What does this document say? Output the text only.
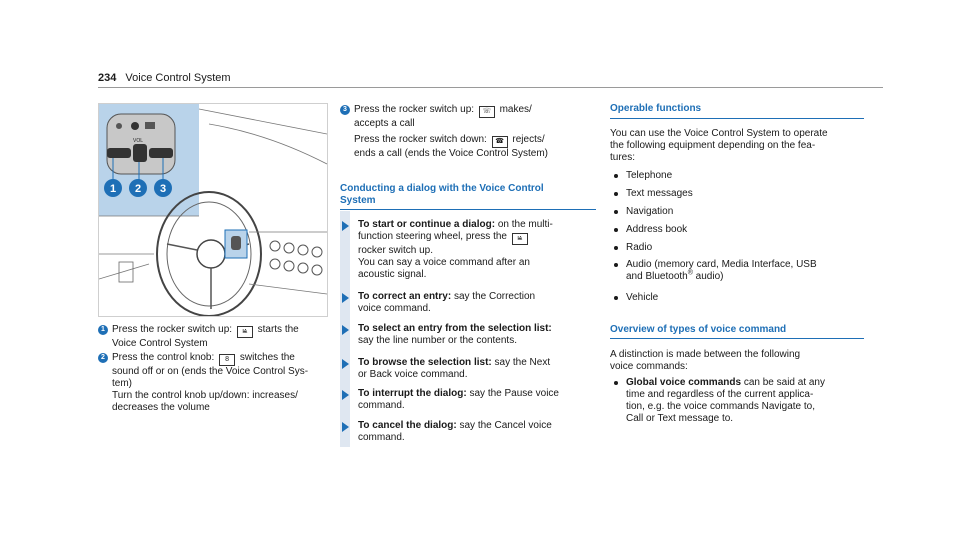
234 Voice Control System
VOL
1 2 3
1 Press the rocker switch up: ѩ starts the

Voice Control System

2 Press the control knob: 8 switches the

sound off or on (ends the Voice Control Sys-

tem)

Turn the control knob up/down: increases/

decreases the volume

3 Press the rocker switch up: ☏ makes/

accepts a call

Press the rocker switch down: ☎ rejects/

ends a call (ends the Voice Control System)

Conducting a dialog with the Voice Control
System
To start or continue a dialog: on the multi-
function steering wheel, press the ѩ
rocker switch up.
You can say a voice command after an
acoustic signal.
To correct an entry: say the Correction
voice command.
To select an entry from the selection list:
say the line number or the contents.
To browse the selection list: say the Next
or Back voice command.
To interrupt the dialog: say the Pause voice
command.
To cancel the dialog: say the Cancel voice
command.
Operable functions
You can use the Voice Control System to operate
the following equipment depending on the fea-
tures:
Telephone
Text messages
Navigation
Address book
Radio
Audio (memory card, Media Interface, USB
and Bluetooth® audio)
Vehicle
Overview of types of voice command
A distinction is made between the following
voice commands:
Global voice commands can be said at any
time and regardless of the current applica-
tion, e.g. the voice commands Navigate to,
Call or Text message to.
